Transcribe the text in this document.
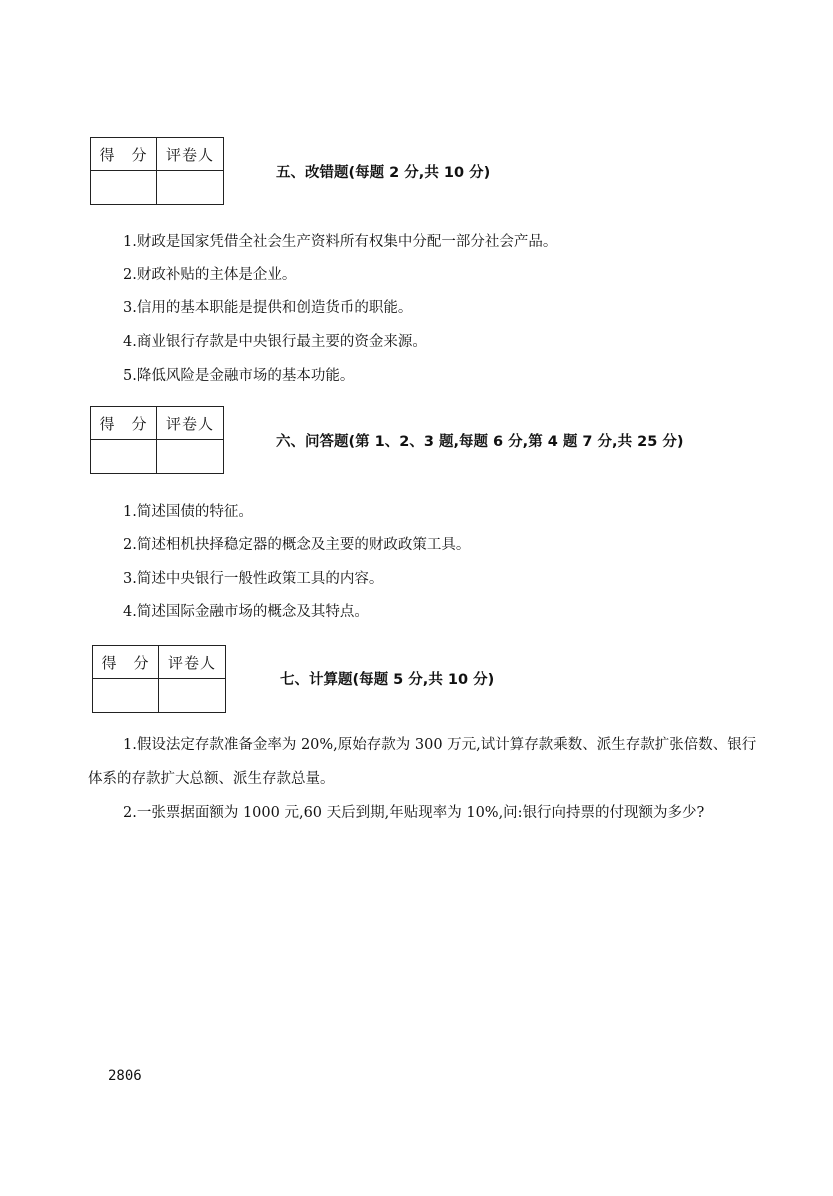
得　分	评卷人
五、改错题(每题 2 分,共 10 分)
1.财政是国家凭借全社会生产资料所有权集中分配一部分社会产品。
2.财政补贴的主体是企业。
3.信用的基本职能是提供和创造货币的职能。
4.商业银行存款是中央银行最主要的资金来源。
5.降低风险是金融市场的基本功能。
得　分	评卷人
六、问答题(第 1、2、3 题,每题 6 分,第 4 题 7 分,共 25 分)
1.简述国债的特征。
2.简述相机抉择稳定器的概念及主要的财政政策工具。
3.简述中央银行一般性政策工具的内容。
4.简述国际金融市场的概念及其特点。
得　分	评卷人
七、计算题(每题 5 分,共 10 分)
1.假设法定存款准备金率为 20%,原始存款为 300 万元,试计算存款乘数、派生存款扩张倍数、银行体系的存款扩大总额、派生存款总量。
2.一张票据面额为 1000 元,60 天后到期,年贴现率为 10%,问:银行向持票的付现额为多少?
2806
